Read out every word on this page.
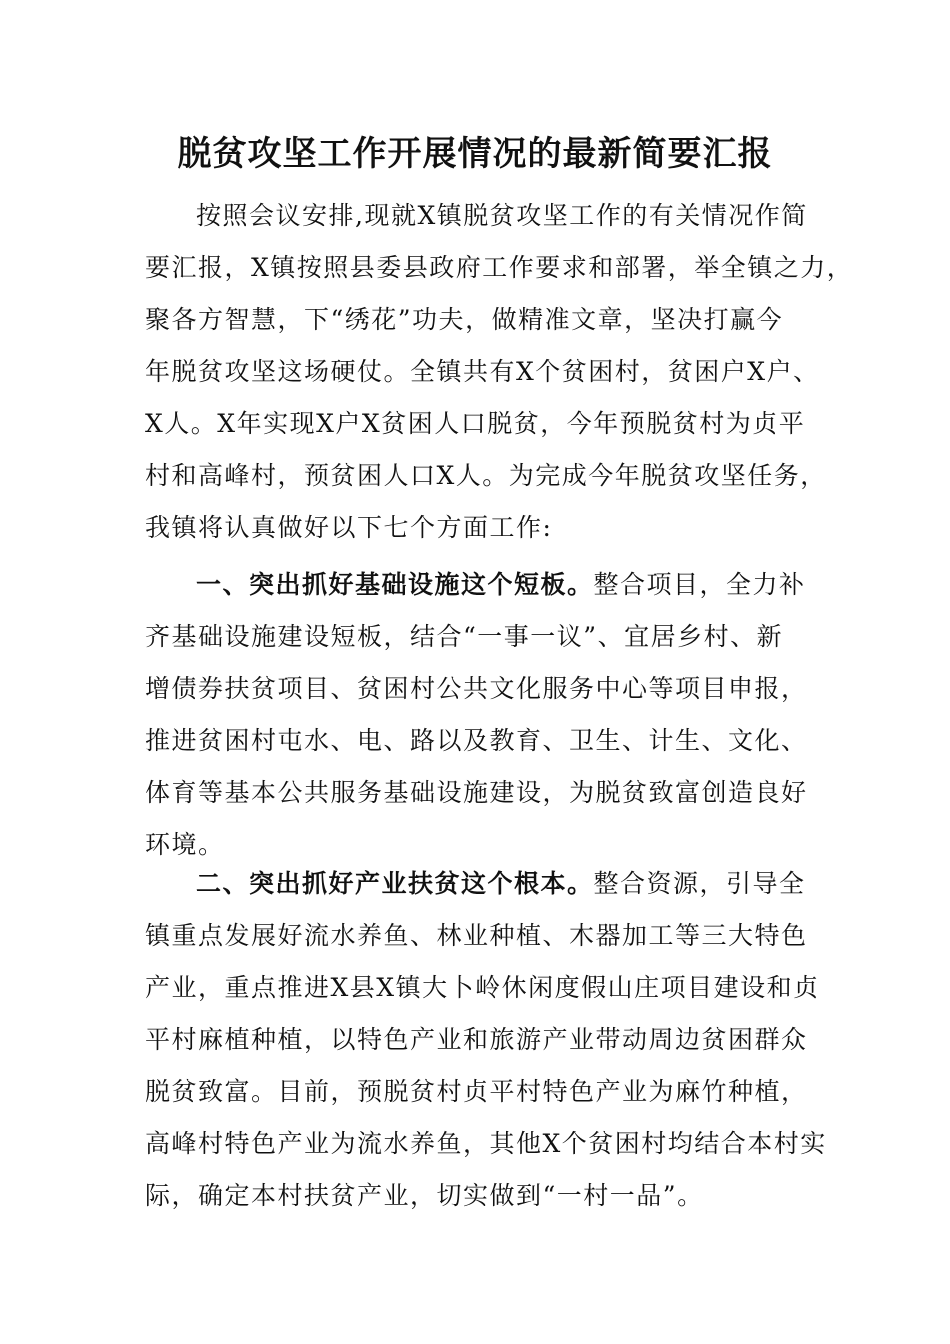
脱贫攻坚工作开展情况的最新简要汇报
按照会议安排,现就X镇脱贫攻坚工作的有关情况作简
要汇报，X镇按照县委县政府工作要求和部署，举全镇之力，
聚各方智慧，下“绣花”功夫，做精准文章，坚决打赢今
年脱贫攻坚这场硬仗。全镇共有X个贫困村，贫困户X户、
X人。X年实现X户X贫困人口脱贫，今年预脱贫村为贞平
村和高峰村，预贫困人口X人。为完成今年脱贫攻坚任务，
我镇将认真做好以下七个方面工作:
一、突出抓好基础设施这个短板。整合项目，全力补
齐基础设施建设短板，结合“一事一议”、宜居乡村、新
增债券扶贫项目、贫困村公共文化服务中心等项目申报，
推进贫困村屯水、电、路以及教育、卫生、计生、文化、
体育等基本公共服务基础设施建设，为脱贫致富创造良好
环境。
二、突出抓好产业扶贫这个根本。整合资源，引导全
镇重点发展好流水养鱼、林业种植、木器加工等三大特色
产业，重点推进X县X镇大卜岭休闲度假山庄项目建设和贞
平村麻植种植，以特色产业和旅游产业带动周边贫困群众
脱贫致富。目前，预脱贫村贞平村特色产业为麻竹种植，
高峰村特色产业为流水养鱼，其他X个贫困村均结合本村实
际，确定本村扶贫产业，切实做到“一村一品”。
